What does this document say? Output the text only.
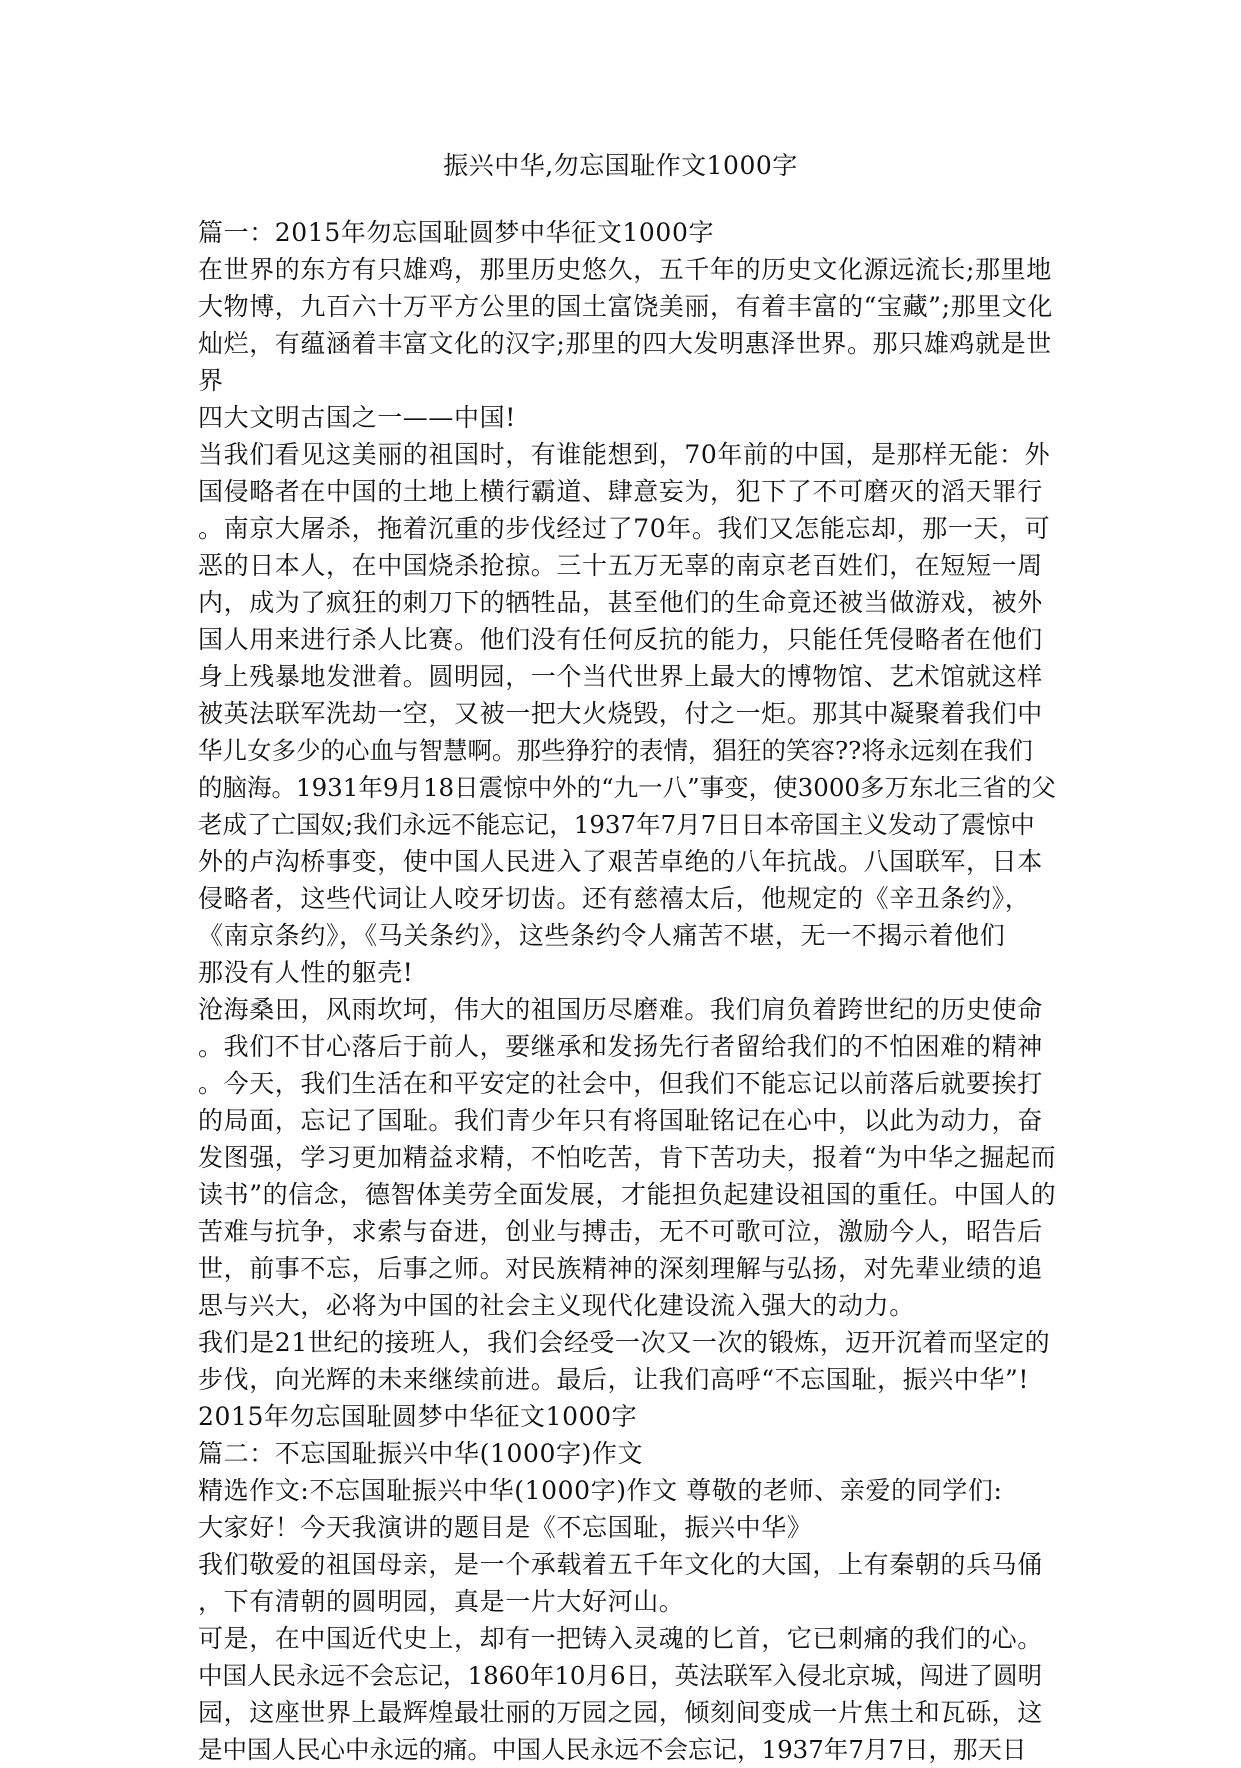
振兴中华,勿忘国耻作文1000字
篇一：2015年勿忘国耻圆梦中华征文1000字
在世界的东方有只雄鸡，那里历史悠久，五千年的历史文化源远流长;那里地
大物博，九百六十万平方公里的国土富饶美丽，有着丰富的“宝藏”;那里文化
灿烂，有蕴涵着丰富文化的汉字;那里的四大发明惠泽世界。那只雄鸡就是世
界
四大文明古国之一——中国!
当我们看见这美丽的祖国时，有谁能想到，70年前的中国，是那样无能：外
国侵略者在中国的土地上横行霸道、肆意妄为，犯下了不可磨灭的滔天罪行
。南京大屠杀，拖着沉重的步伐经过了70年。我们又怎能忘却，那一天，可
恶的日本人，在中国烧杀抢掠。三十五万无辜的南京老百姓们，在短短一周
内，成为了疯狂的刺刀下的牺牲品，甚至他们的生命竟还被当做游戏，被外
国人用来进行杀人比赛。他们没有任何反抗的能力，只能任凭侵略者在他们
身上残暴地发泄着。圆明园，一个当代世界上最大的博物馆、艺术馆就这样
被英法联军洗劫一空，又被一把大火烧毁，付之一炬。那其中凝聚着我们中
华儿女多少的心血与智慧啊。那些狰狞的表情，猖狂的笑容??将永远刻在我们
的脑海。1931年9月18日震惊中外的“九一八”事变，使3000多万东北三省的父
老成了亡国奴;我们永远不能忘记，1937年7月7日日本帝国主义发动了震惊中
外的卢沟桥事变，使中国人民进入了艰苦卓绝的八年抗战。八国联军，日本
侵略者，这些代词让人咬牙切齿。还有慈禧太后，他规定的《辛丑条约》，
《南京条约》，《马关条约》，这些条约令人痛苦不堪，无一不揭示着他们
那没有人性的躯壳!
沧海桑田，风雨坎坷，伟大的祖国历尽磨难。我们肩负着跨世纪的历史使命
。我们不甘心落后于前人，要继承和发扬先行者留给我们的不怕困难的精神
。今天，我们生活在和平安定的社会中，但我们不能忘记以前落后就要挨打
的局面，忘记了国耻。我们青少年只有将国耻铭记在心中，以此为动力，奋
发图强，学习更加精益求精，不怕吃苦，肯下苦功夫，报着“为中华之掘起而
读书”的信念，德智体美劳全面发展，才能担负起建设祖国的重任。中国人的
苦难与抗争，求索与奋进，创业与搏击，无不可歌可泣，激励今人，昭告后
世，前事不忘，后事之师。对民族精神的深刻理解与弘扬，对先辈业绩的追
思与兴大，必将为中国的社会主义现代化建设流入强大的动力。
我们是21世纪的接班人，我们会经受一次又一次的锻炼，迈开沉着而坚定的
步伐，向光辉的未来继续前进。最后，让我们高呼“不忘国耻，振兴中华”!
2015年勿忘国耻圆梦中华征文1000字
篇二：不忘国耻振兴中华(1000字)作文
精选作文:不忘国耻振兴中华(1000字)作文 尊敬的老师、亲爱的同学们:
大家好！今天我演讲的题目是《不忘国耻，振兴中华》
我们敬爱的祖国母亲，是一个承载着五千年文化的大国，上有秦朝的兵马俑
，下有清朝的圆明园，真是一片大好河山。
可是，在中国近代史上，却有一把铸入灵魂的匕首，它已刺痛的我们的心。
中国人民永远不会忘记，1860年10月6日，英法联军入侵北京城，闯进了圆明
园，这座世界上最辉煌最壮丽的万园之园，倾刻间变成一片焦土和瓦砾，这
是中国人民心中永远的痛。中国人民永远不会忘记，1937年7月7日，那天日
